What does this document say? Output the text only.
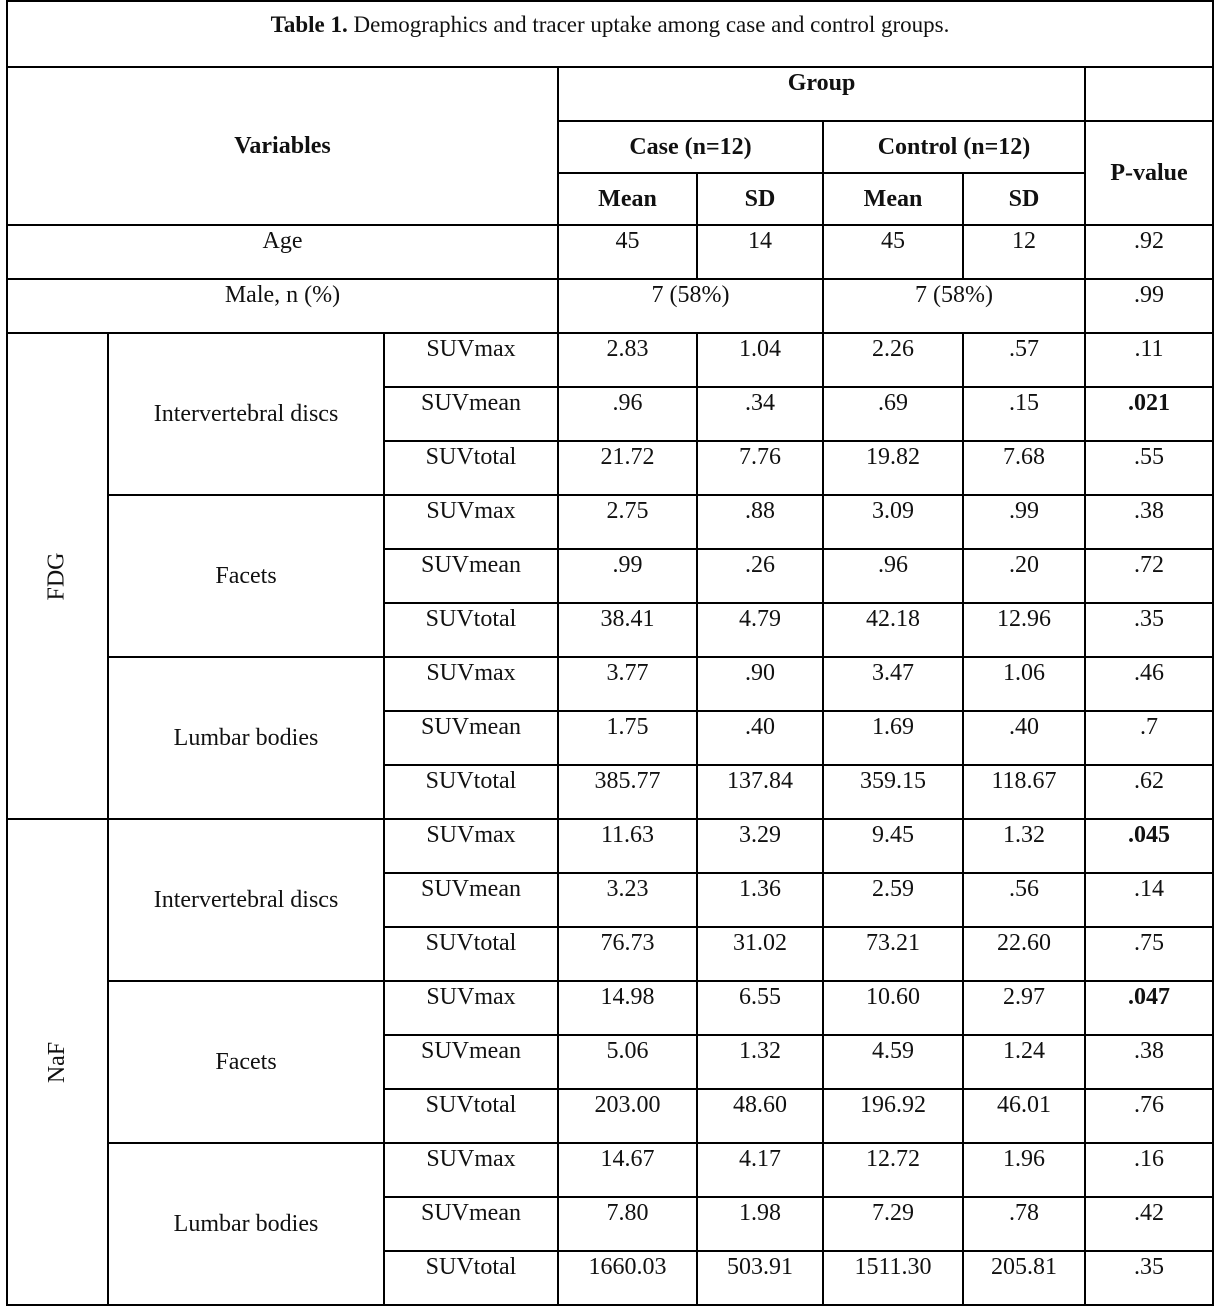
Table 1. Demographics and tracer uptake among case and control groups.							
Variables			Group				
			Case (n=12)		Control (n=12)		P-value
			Mean	SD	Mean	SD	
Age			45	14	45	12	.92
Male, n (%)			7 (58%)		7 (58%)		.99
FDG	Intervertebral discs	SUVmax	2.83	1.04	2.26	.57	.11
		SUVmean	.96	.34	.69	.15	.021
		SUVtotal	21.72	7.76	19.82	7.68	.55
	Facets	SUVmax	2.75	.88	3.09	.99	.38
		SUVmean	.99	.26	.96	.20	.72
		SUVtotal	38.41	4.79	42.18	12.96	.35
	Lumbar bodies	SUVmax	3.77	.90	3.47	1.06	.46
		SUVmean	1.75	.40	1.69	.40	.7
		SUVtotal	385.77	137.84	359.15	118.67	.62
NaF	Intervertebral discs	SUVmax	11.63	3.29	9.45	1.32	.045
		SUVmean	3.23	1.36	2.59	.56	.14
		SUVtotal	76.73	31.02	73.21	22.60	.75
	Facets	SUVmax	14.98	6.55	10.60	2.97	.047
		SUVmean	5.06	1.32	4.59	1.24	.38
		SUVtotal	203.00	48.60	196.92	46.01	.76
	Lumbar bodies	SUVmax	14.67	4.17	12.72	1.96	.16
		SUVmean	7.80	1.98	7.29	.78	.42
		SUVtotal	1660.03	503.91	1511.30	205.81	.35
